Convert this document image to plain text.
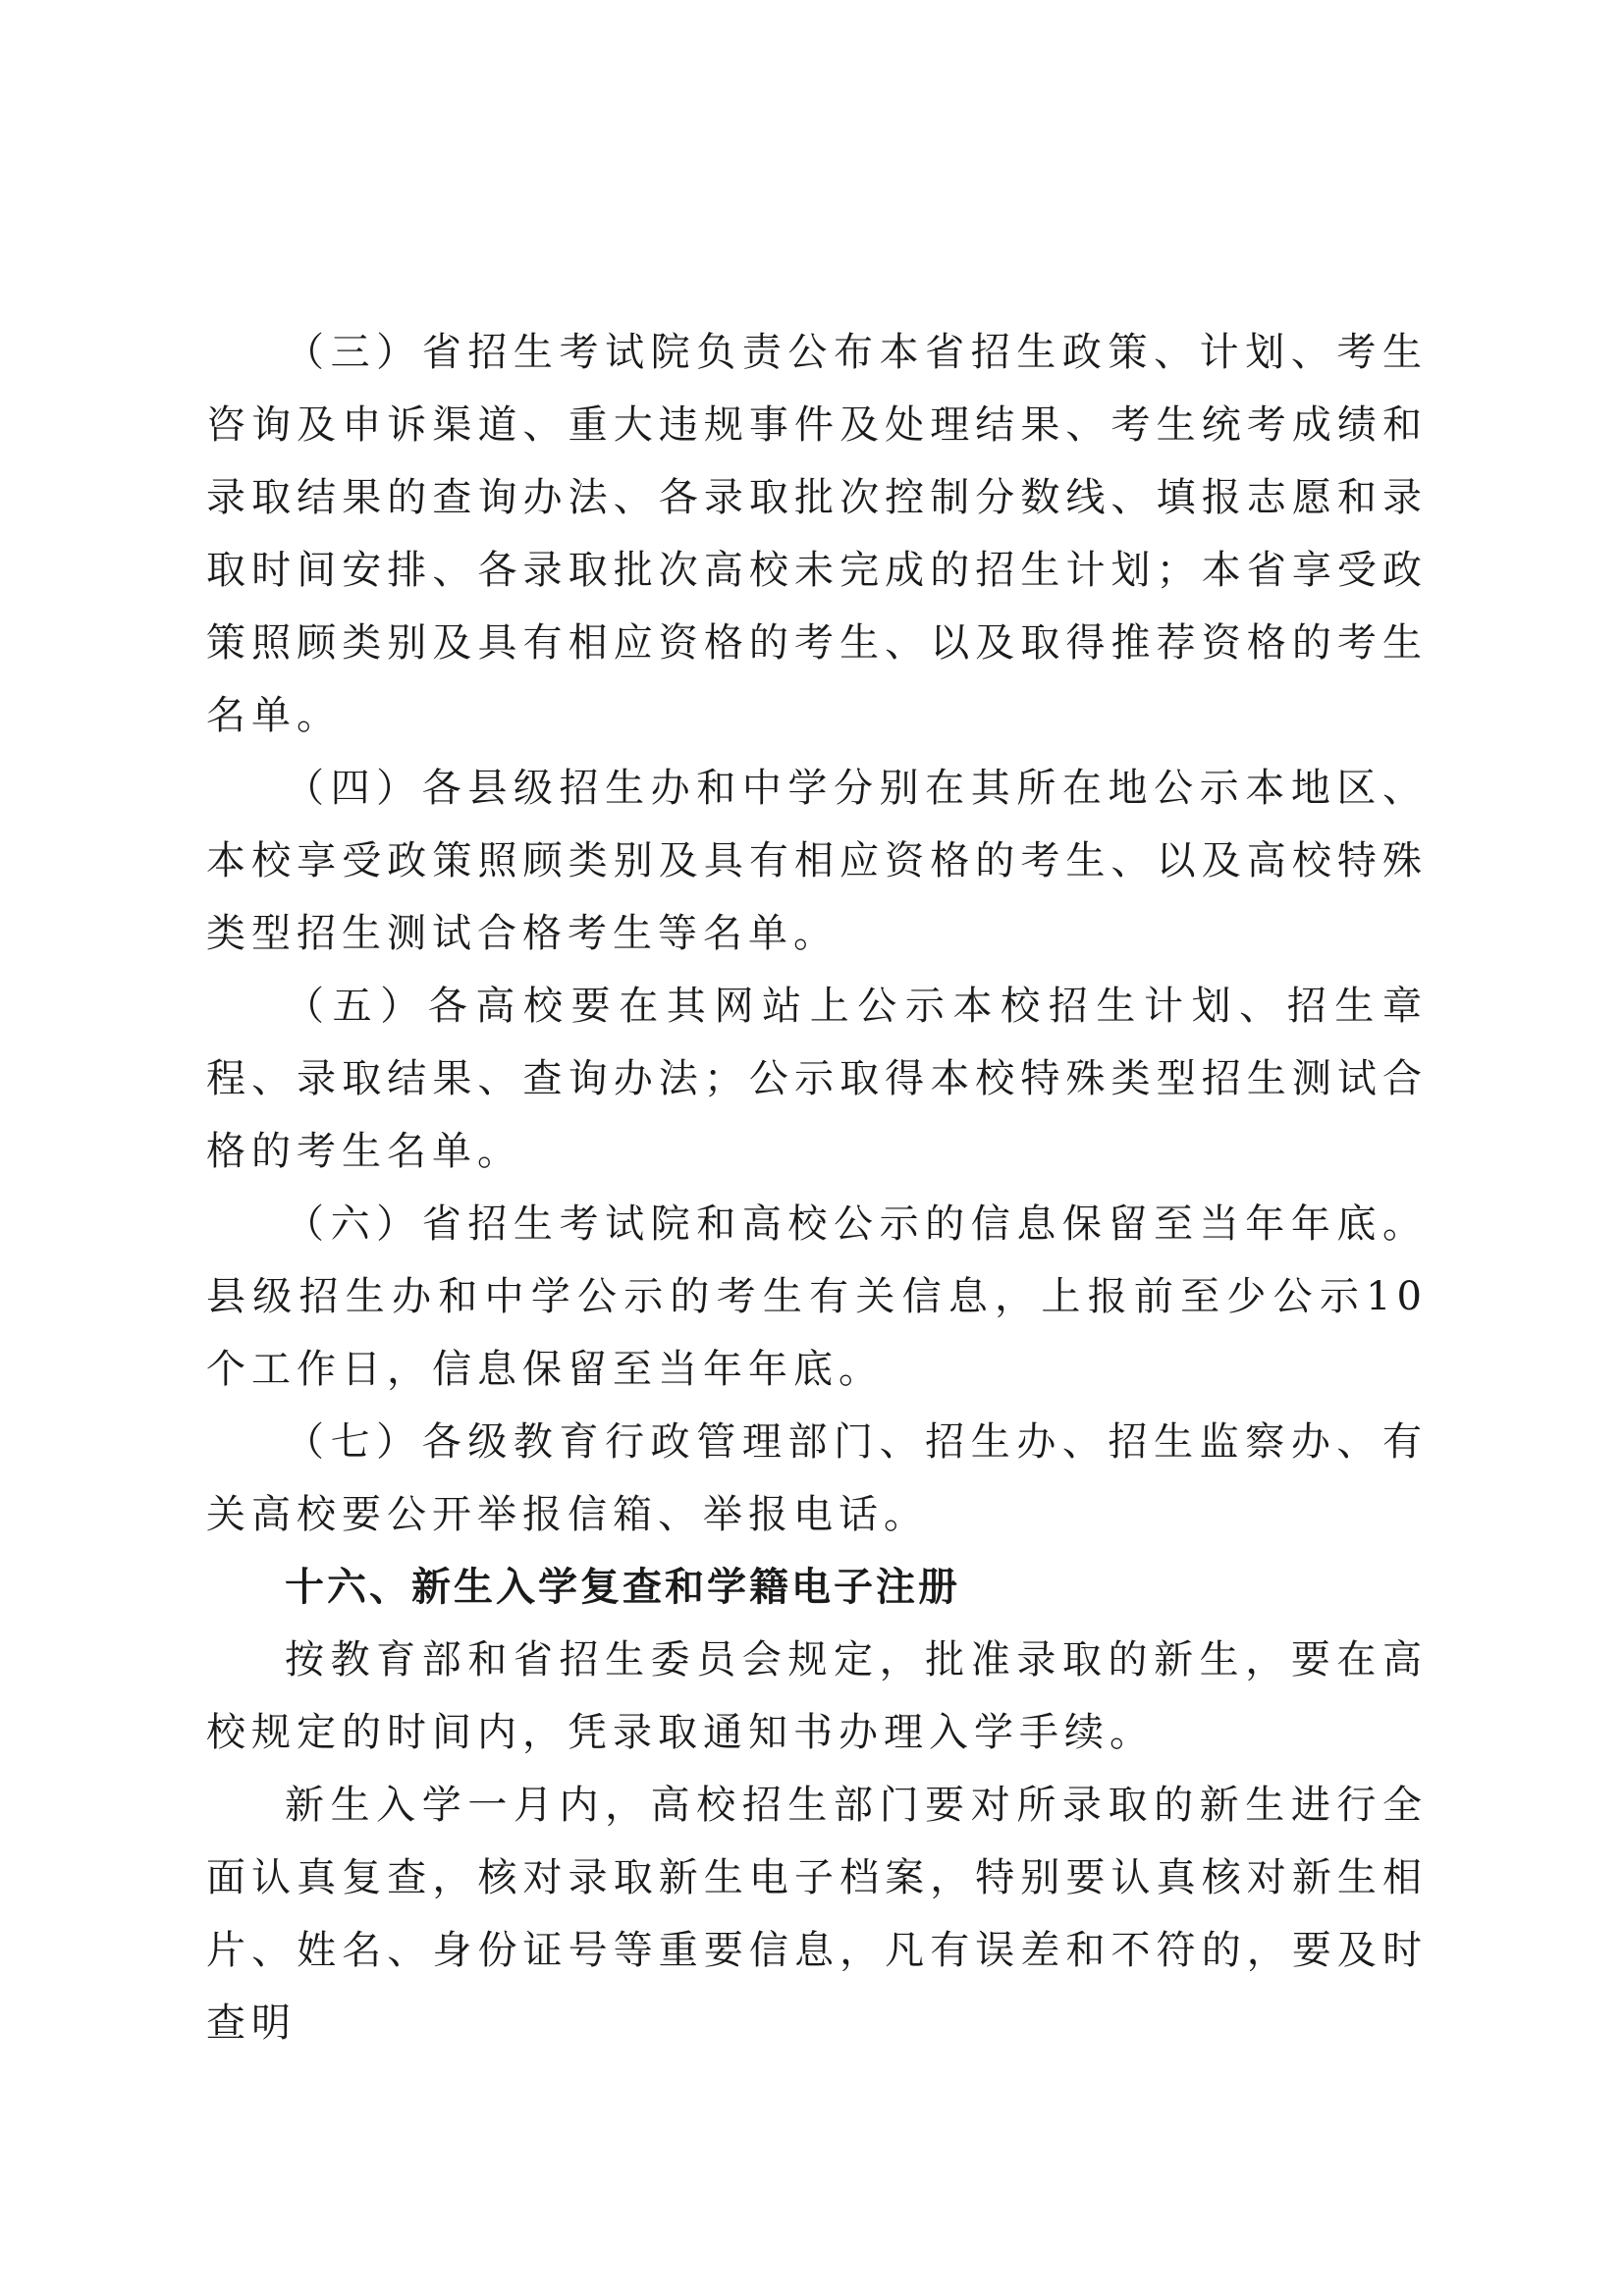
（三）省招生考试院负责公布本省招生政策、计划、考生咨询及申诉渠道、重大违规事件及处理结果、考生统考成绩和录取结果的查询办法、各录取批次控制分数线、填报志愿和录取时间安排、各录取批次高校未完成的招生计划；本省享受政策照顾类别及具有相应资格的考生、以及取得推荐资格的考生名单。

（四）各县级招生办和中学分别在其所在地公示本地区、本校享受政策照顾类别及具有相应资格的考生、以及高校特殊类型招生测试合格考生等名单。

（五）各高校要在其网站上公示本校招生计划、招生章程、录取结果、查询办法；公示取得本校特殊类型招生测试合格的考生名单。

（六）省招生考试院和高校公示的信息保留至当年年底。县级招生办和中学公示的考生有关信息，上报前至少公示10个工作日，信息保留至当年年底。

（七）各级教育行政管理部门、招生办、招生监察办、有关高校要公开举报信箱、举报电话。

十六、新生入学复查和学籍电子注册

按教育部和省招生委员会规定，批准录取的新生，要在高校规定的时间内，凭录取通知书办理入学手续。

新生入学一月内，高校招生部门要对所录取的新生进行全面认真复查，核对录取新生电子档案，特别要认真核对新生相片、姓名、身份证号等重要信息，凡有误差和不符的，要及时查明
